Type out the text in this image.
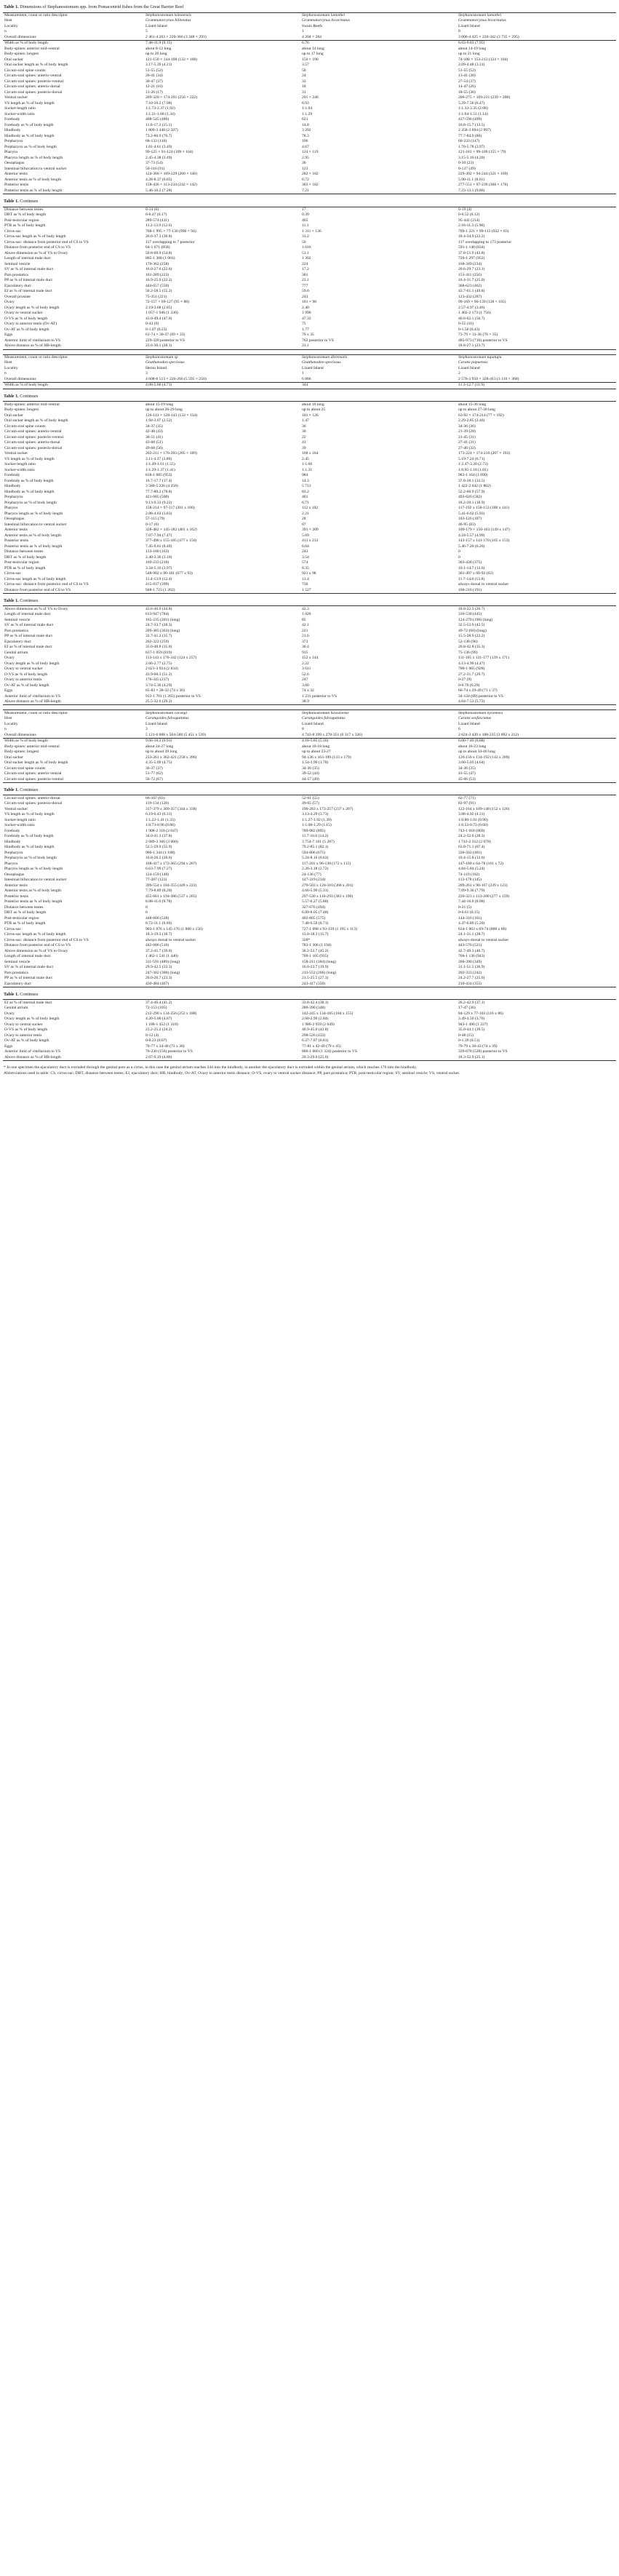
Table 1. Dimensions of Stephanostomum spp. from Pomacentrid fishes from the Great Barrier Reef
Measurement, count or ratio descriptor	Stephanostomum tsimaensis	Stephanostomum lamothei	Stephanostomum lamothei
Host	Grammatorcynus bilineatus	Grammatorcynus bicarinatus	Grammatorcynus bicarinatus
Locality	Lizard Island	Swain Reefs	Lizard Island
n	5	1	8
Overall dimensions	2 461-4 263 × 220-366 (3 348 × 293)	4 204 × 284	3 006-4 425 × 226-342 (3 735 × 295)
Width as % of body length	7.48-11.9 (9.15)	6.76	6.63-9.83 (7.95)
Body-spines: anterior mid-ventral	about 8-12 long	about 14 long	about 14-19 long
Body-spines: longest	up to 26 long	up to 17 long	up to 21 long
Oral sucker	121-150 × 144-198 (132 × 168)	150 × 190	74-188 × 153-213 (124 × 184)
Oral sucker length as % of body length	3.17-5.39 (4.21)	3.57	2.09-4.48 (3.31)
Circum-oral spine counts	51-55 (52)	50	51-55 (52)
Circum-oral spines: anterio-ventral	26-41 (34)	24	13-41 (30)
Circum-oral spines: posterio-ventral	30-47 (37)	33	27-54 (37)
Circum-oral spines: anterio-dorsal	12-21 (16)	18	14-47 (26)
Circum-oral spines: posterio-dorsal	13-26 (17)	31	18-55 (36)
Ventral sucker	209-320 × 174-291 (256 × 222)	291 × 246	206-275 × 169-231 (239 × 208)
VS length as % of body length	7.10-10.2 (7.98)	6.93	5.29-7.56 (6.47)
Sucker-length ratio	1:1.73-2.37 (1.92)	1:1.94	1:1.33-3.35 (2.08)
Sucker-width ratio	1:1.21-1.68 (1.34)	1:1.29	1:1.04-1.51 (1.14)
Forebody	408-545 (486)	621	437-596 (499)
Forebody as % of body length	11.6-17.2 (15.1)	14.8	10.8-15.7 (13.5)
Hindbody	1 809-3 448 (2 507)	3 292	2 358-3 694 (2 997)
Hindbody as % of body length	73.2-80.9 (76.7)	78.3	77.7-84.9 (80)
Prepharynx	68-133 (110)	196	60-233 (147)
Prepharynx as % of body length	1.81-4.61 (3.49)	4.67	1.70-5.78 (3.97)
Pharynx	99-125 × 91-124 (109 × 104)	124 × 119	121-181 × 99-109 (155 × 79)
Pharynx length as % of body length	2.45-4.38 (3.49)	2.95	3.15-5.16 (4.20)
Oesophagus	37-73 (54)	36	0-30 (23)
Intestinal bifurcation to ventral sucker	50-116 (91)	123	0-137 (49)
Anterior testis	124-366 × 109-229 (200 × 140)	282 × 182	229-492 × 94-244 (321 × 169)
Anterior testis as % of body length	4.28-8.37 (6.05)	6.72	5.90-11.1 (8.61)
Posterior testis	158-436 × 113-234 (242 × 142)	303 × 182	277-551 × 97-239 (368 × 176)
Posterior testis as % of body length	5.46-10.2 (7.28)	7.21	7.23-13.1 (9.86)
Table 1. Continues
Distance between testes	0-14 (6)	17	0-19 (4)
DBT as % of body length	0-0.47 (0.17)	0.39	0-0.52 (0.12)
Post-testicular region	289-574 (411)	465	95-441 (214)
PTR as % of body length	11.2-13.9 (12.6)	11.1	2.16-11.3 (5.90)
Cirrus-sac	768-1 995 × 77-136 (996 × 94)	1 311 × 136	709-1 221 × 99-113 (932 × 83)
Cirrus-sac length as % of body length	26.6-37.3 (30.8)	31.2	18.4-34.9 (22.2)
Cirrus-sac: distance from posterior end of CS to VS	117 overlapping to 7 posterior	56	117 overlapping to 173 posterior
Distance from posterior end of CS to VS	64-1 071 (858)	1 016	591-1 140 (834)
Above dimension as % of VS to Ovary	50.8-60.9 (54.8)	51.1	37.8-51.9 (43.8)
Length of internal male duct	805-1 308 (1 001)	1 302	726-1 297 (952)
Seminal vesicle	170-362 (258)	224	168-349 (234)
SV as % of internal male duct	16.0-27.6 (22.6)	17.2	20.6-29.7 (23.1)
Pars prostatica	161-289 (223)	301	153-411 (256)
PP as % of internal male duct	16.9-25.9 (22.2)	23.1	16.4-31.7 (25.0)
Ejaculatory duct	444-657 (550)	777	368-623 (462)
EJ as % of internal male duct	50.2-58.5 (55.2)	59.6	43.7-61.1 (49.8)
Overall prostate	75-351 (221)	243	123-432 (287)
Ovary	72-157 × 69-127 (95 × 88)	101 × 98	99-169 × 90-139 (128 × 105)
Ovary length as % of body length	2.19-3.68 (2.85)	2.40	2.57-4.97 (3.46)
Ovary to ventral sucker	1 057-1 946 (1 330)	1 990	1 402-2 173 (1 756)
O-VS as % of body length	43.0-49.4 (47.0)	47.33	46.6-62.1 (50.7)
Ovary to anterior testis (Ov-AT)	0-43 (9)	75	0-55 (16)
Ov-AT as % of body length	0-1.07 (0.23)	1.77	0-1.56 (0.43)
Eggs	61-74 × 30-37 (69 × 33)	70 x 35	73-79 × 31-36 (76 × 35)
Anterior limit of vitellarium to VS	229-320 posterior to VS	762 posterior to VS	485-973 (716) posterior to VS
Above distance as % of HB-length	23.6-30.1 (28.1)	23.1	18.8-27.1 (23.7)
Measurement, count or ratio descriptor	Stephanostomum sp	Stephanostomum ditrematis	Stephanostomum tupatupu
Host	Gnathanodon speciosus	Gnathanodon speciosus	Caranx papuensis
Locality	Heron Island	Lizard Island	Lizard Island
n	3	1	2
Overall dimensions	4 608-6 513 × 226-266 (5 595 × 250)	6 866	2 576-3 958 × 328-413 (3 110 × 368)
Width as % of body length	4.08-5.60 (4.71)	344	11.3-12.7 (11.9)
Table 1. Continues
Body-spines: anterior mid-ventral	about 15-19 long	about 10 long	about 15-36 long
Body-spines: longest	up to about 26-29 long	up to about 25	up to about 27-30 long
Oral sucker	126-141 × 128-143 (132 × 134)	101 × 126	63-92 × 174-214 (77 × 192)
Oral sucker length as % of body length	1.94-3.07 (2.52)	1.47	2.29-2.85 (2.46)
Circum-oral spine counts	34-37 (35)	36	34-36 (36)
Circum-oral spines: anterio-ventral	42-48 (43)	30	21-39 (28)
Circum-oral spines: posterio-ventral	30-51 (41)	22	21-45 (31)
Circum-oral spines: anterio-dorsal	43-68 (51)	43	27-41 (31)
Circum-oral spines: posterio-dorsal	49-68 (56)	39	27-46 (32)
Ventral sucker	202-211 × 176-203 (205 × 189)	168 x 164	173-224 × 174-210 (207 × 193)
VS length as % of body length	3.11-4.37 (3.89)	2.45	5.19-7.24 (6.71)
Sucker-length ratio	1:1.49-1.61 (1.55)	1:1.66	1:2.47-3.20 (2.73)
Sucker-width ratio	1:1.29-1.37 (1.41)	1:1.31	1:0.95-1.18 (1.01)
Forebody	818-1 085 (953)	984	983-1 164 (1 090)
Forebody as % of body length	16.7-17.7 (17.4)	14.3	37.8-38.1 (33.5)
Hindbody	3 580-5 226 (4 258)	5 713	1 422-2 042 (1 802)
Hindbody as % of body length	77.7-80.2 (78.8)	83.2	52.2-60.9 (57.9)
Prepharynx	421-605 (500)	461	493-626 (582)
Prepharynx as % of body length	9.13-9.33 (9.22)	6.71	18.2-20.1 (18.9)
Pharynx	158-214 × 97-117 (201 x 100)	112 x 102	117-192 x 150-153 (180 x 141)
Pharynx length as % of body length	2.88-4.63 (3.83)	2.21	5.41-6.62 (5.93)
Oesophagus	57-115 (79)	28	103-126 (187)
Intestinal bifurcation to ventral sucker	0-17 (6)	87	46-95 (83)
Anterior testis	328-482 × 145-182 (401 x 162)	391 × 209	109-179 × 150-163 (149 x 147)
Anterior testis as % of body length	7.07-7.94 (7.47)	5.69	4.24-5.57 (4.99)
Posterior testis	377-490 x 155-185 (477 x 156)	413 x 212	143-157 x 141-170 (165 x 153)
Posterior testis as % of body length	7.45-9.61 (8.49)	6.04	5.46-7.20 (6.26)
Distance between testes	133-180 (163)	243	0
DBT as % of body length	2.40-3.36 (3.10)	3.54	0
Post-testicular region	169-233 (210)	574	303-438 (375)
PTR as % of body length	3.34-5.16 (3.97)	8.35	10.1-14.7 (12.6)
Cirrus-sac	548-902 x 90-101 (677 x 93)	921 x 98	301-497 x 60-92 (62)
Cirrus-sac length as % of body length	11.4-13.9 (12.4)	13.4	11.7-14.8 (13.8)
Cirrus-sac: distance from posterior end of CS to VS	415-837 (399)	736	always dorsal to ventral sucker
Distance from posterior end of CS to VS	948-1 723 (1 262)	1 527	160-216 (191)
Table 1. Continues
Above dimension as % of VS to Ovary	43.6-46.9 (44.8)	42.3	18.8-22.3 (20.7)
Length of internal male duct	613-947 (784)	1 026	316-538 (445)
Seminal vesicle	165-235 (201) (long)	85	124-270 (190) (long)
SV as % of internal male duct	24.7-33.7 (28.3)	42.1	32.5-53.9 (42.5)
Pars prostatica	209-385 (363) (long)	221	49-72 (60) (long)
PP as % of internal male duct	32.7-41.2 (35.7)	21.6	15.5-28.9 (22.2)
Ejaculatory duct	202-322 (259)	373	52-138 (96)
EJ as % of internal male duct	33.0-40.8 (35.0)	36.4	26.8-42.8 (35.3)
Genital atrium	637-1 059 (819)	915	75-136 (99)
Ovary	113-143 x 176-342 (124 x 257)	152 x 144	111-165 x 131-177 (139 x 171)
Ovary length as % of body length	2.66-2.77 (2.75)	2.22	4.13-4.99 (4.47)
Ovary to ventral sucker	2 021-3 924 (2 834)	3 611	700-1 065 (928)
O-VS as % of body length	43.9-60.3 (51.2)	52.6	27.2-31.7 (29.7)
Ovary to anterior testis	176-345 (237)	247	0-27 (9)
Ov-AT as % of body length	3.74-5.30 (4.29)	3.60	0-0.70 (0.29)
Eggs	65-83 × 28-32 (74 x 30)	74 x 32	66-74 x 29-49 (71 x 37)
Anterior limit of vitellarium to VS	912-1 701 (1 265) posterior to VS	1 231 posterior to VS	34-124 (89) posterior to VS
Above distance as % of HB-length	25.5-32.6 (29.2)	38.9	4.64-7.53 (5.72)
Measurement, count or ratio descriptor	Stephanostomum carangi	Stephanostomum hawaiiense	Stephanostomum nyoomwa
Host	Carangoides fulvoguttatus	Carangoides fulvoguttatus	Caranx sexfasciatus
Locality	Lizard Island	Lizard Island	Lizard Island
n	3	8	6
Overall dimensions	5 121-6 008 x 504-580 (5 451 x 539)	4 743-8 399 x 278-351 (6 317 x 326)	2 624-3 420 x 188-235 (3 092 x 212)
Width as % of body length	9.66-10.2 (9.91)	4.18-5.85 (5.16)	6.00-7.49 (6.88)
Body-spines: anterior mid-ventral	about 24-27 long	about 10-18 long	about 16-23 long
Body-spines: longest	up to about 39 long	up to about 23-27	up to about 34-40 long
Oral sucker	233-261 x 362-421 (258 x 396)	94-136 x 163-199 (133 x 179)	126-156 x 134-192 (142 x 209)
Oral sucker length as % of body length	4.35-5.09 (4.75)	1.54-1.99 (1.78)	3.60-5.03 (4.64)
Circum-oral spine counts	36-37 (37)	34-36 (35)	34-36 (35)
Circum-oral spines: anterio-ventral	51-77 (62)	39-52 (44)	41-55 (47)
Circum-oral spines: posterio-ventral	56-72 (67)	44-57 (49)	45-66 (53)
Table 1. Continues
Circum-oral spines: anterio-dorsal	66-107 (83)	52-61 (55)	62-77 (71)
Circum-oral spines: posterio-dorsal	119-134 (128)	49-65 (57)	82-97 (91)
Ventral sucker	317-379 x 309-357 (344 x 338)	190-283 x 173-257 (237 x 207)	122-164 x 109-148 (152 x 126)
VS length as % of body length	6.19-6.43 (6.31)	3.13-4.29 (3.73)	3.88-4.92 (4.31)
Sucker-length ratio	1:1.22-1.41 (1.33)	1:1.27-1.92 (1.39)	1:0.80-1.01 (0.90)
Sucker-width ratio	1:0.73-0.96 (0.88)	1:1.08-1.29 (1.15)	1:0.53-0.72 (0.60)
Forebody	1 908-2 118 (2 047)	789-982 (895)	743-1 018 (869)
Forebody as % of body length	34.0-41.3 (37.8)	11.7-16.6 (14.2)	24.2-32.6 (28.3)
Hindbody	2 689-3 366 (3 060)	3 754-7 161 (5 287)	1 741-2 312 (2 078)
Hindbody as % of body length	52.5-59.9 (55.9)	79.2-85.1 (82.1)	63.8-71.1 (67.4)
Prepharynx	906-1 344 (1 188)	594-806 (671)	330-502 (401)
Prepharynx as % of body length	16.8-26.2 (20.6)	5.24-8.16 (6.63)	10.4-15.8 (12.6)
Pharynx	168-417 x 172-365 (294 x 207)	117-201 x 96-138 (172 x 115)	147-180 x 64-78 (161 x 72)
Pharynx length as % of body length	6.63-7.99 (7.27)	2.26-3.18 (2.72)	4.84-5.84 (5.24)
Oesophagus	124-159 (140)	24-136 (77)	74-119 (102)
Intestinal bifurcation to ventral sucker	77-207 (123)	147-319 (234)	113-178 (145)
Anterior testis	399-554 x 184-355 (449 x 222)	279-503 x 120-310 (360 x 201)	209-261 x 90-167 (239 x 123)
Anterior testis as % of body length	7.79-8.89 (8.20)	4.66-5.99 (5.31)	7.09-9.36 (7.79)
Posterior testis	455-661 x 194-386 (537 x 265)	297-530 x 116-293 (383 x 190)	220-323 x 113-200 (277 x 159)
Posterior testis as % of body length	8.88-11.0 (9.78)	5.57-6.27 (5.80)	7.44-10.6 (8.98)
Distance between testes	0	327-676 (494)	0-21 (5)
DBT as % of body length	0	6.89-8.05 (7.48)	0-0.61 (0.15)
Post-testicular region	448-666 (528)	402-805 (575)	144-316 (161)
PTR as % of body length	8.72-11.1 (9.69)	7.48-9.59 (8.71)	4.47-6.89 (5.20)
Cirrus-sac	903-1 076 x 145-176 (1 000 x 156)	727-1 098 x 93-139 (1 195 x 113)	634-1 063 x 69-74 (888 x 60)
Cirrus-sac length as % of body length	18.3-19.3 (18.7)	13.0-18.3 (15.7)	24.1-31.1 (28.7)
Cirrus-sac: distance from posterior end of CS to VS	always dorsal to ventral sucker	328*	always dorsal to ventral sucker
Distance from posterior end of CS to VS	442-606 (516)	783-1 306 (1 194)	443-576 (521)
Above dimension as % of VS to Ovary	37.2-41.7 (39.0)	36.2-52.7 (45.2)	42.7-49.3 (46.7)
Length of internal male duct	1 462-1 541 (1 440)	709-1 105 (935)	766-1 136 (943)
Seminal vesicle	311-591 (489) (long)	158-211 (184) (long)	260-390 (349)
SV as % of internal male duct	29.9-42.5 (33.3)	16.6-23.7 (19.9)	31.1-51.5 (36.9)
Pars prostatica	247-302 (300) (long)	213-552 (266) (long)	202-333 (242)
PP as % of internal male duct	20.0-26.7 (23.3)	21.5-25.5 (27.3)	24.2-27.7 (25.6)
Ejaculatory duct	430-484 (467)	243-417 (350)	210-434 (355)
Table 1. Continues
EJ as % of internal male duct	37.4-46.4 (41.2)	33.8-42.4 (38.1)	26.2-42.9 (37.1)
Genital atrium	72-153 (105)	286-390 (348)	17-47 (36)
Ovary	212-290 x 134-256 (252 x 188)	142-245 x 134-185 (184 x 155)	84-129 x 77-103 (116 x 86)
Ovary length as % of body length	4.20-5.00 (4.67)	2.60-2.99 (2.84)	3.49-4.56 (3.76)
Ovary to ventral sucker	1 188-1 452 (1 318)	1 986-2 959 (2 649)	943-1 490 (1 227)
O-VS as % of body length	23.2-25.2 (24.2)	40.9-45.0 (43.8)	35.0-44.1 (39.5)
Ovary to anterior testis	0-12 (4)	298-526 (433)	0-48 (15)
Ov-AT as % of body length	0-0.23 (0.07)	6.27-7.87 (6.81)	0-1.39 (0.51)
Eggs	70-77 x 34-40 (73 x 38)	77-81 x 42-49 (79 x 45)	70-79 x 36-43 (74 x 39)
Anterior limit of vitellarium to VS	76-230 (156) posterior to VS	806-1 060 (1 324) posterior to VS	339-678 (528) posterior to VS
Above distance as % of HB-length	2.67-9.19 (4.86)	20.3-29.0 (25.0)	18.3-32.9 (25.1)

* In one specimen the ejaculatory duct is extruded through the genital pore as a cirrus, in this case the genital atrium reaches 244 into the hindbody, in another the ejaculatory duct is extruded within the genital atrium, which reaches 176 into the hindbody.

Abbreviations used in table: CS, cirrus-sac; DBT, distance between testes; EJ, ejaculatory duct; HB, hindbody; Ov-AT, Ovary to anterior testis distance; O-VS, ovary to ventral sucker distance; PP, pars prostatica; PTR, post-testicular region; SV, seminal vesicle; VS, ventral sucker.
